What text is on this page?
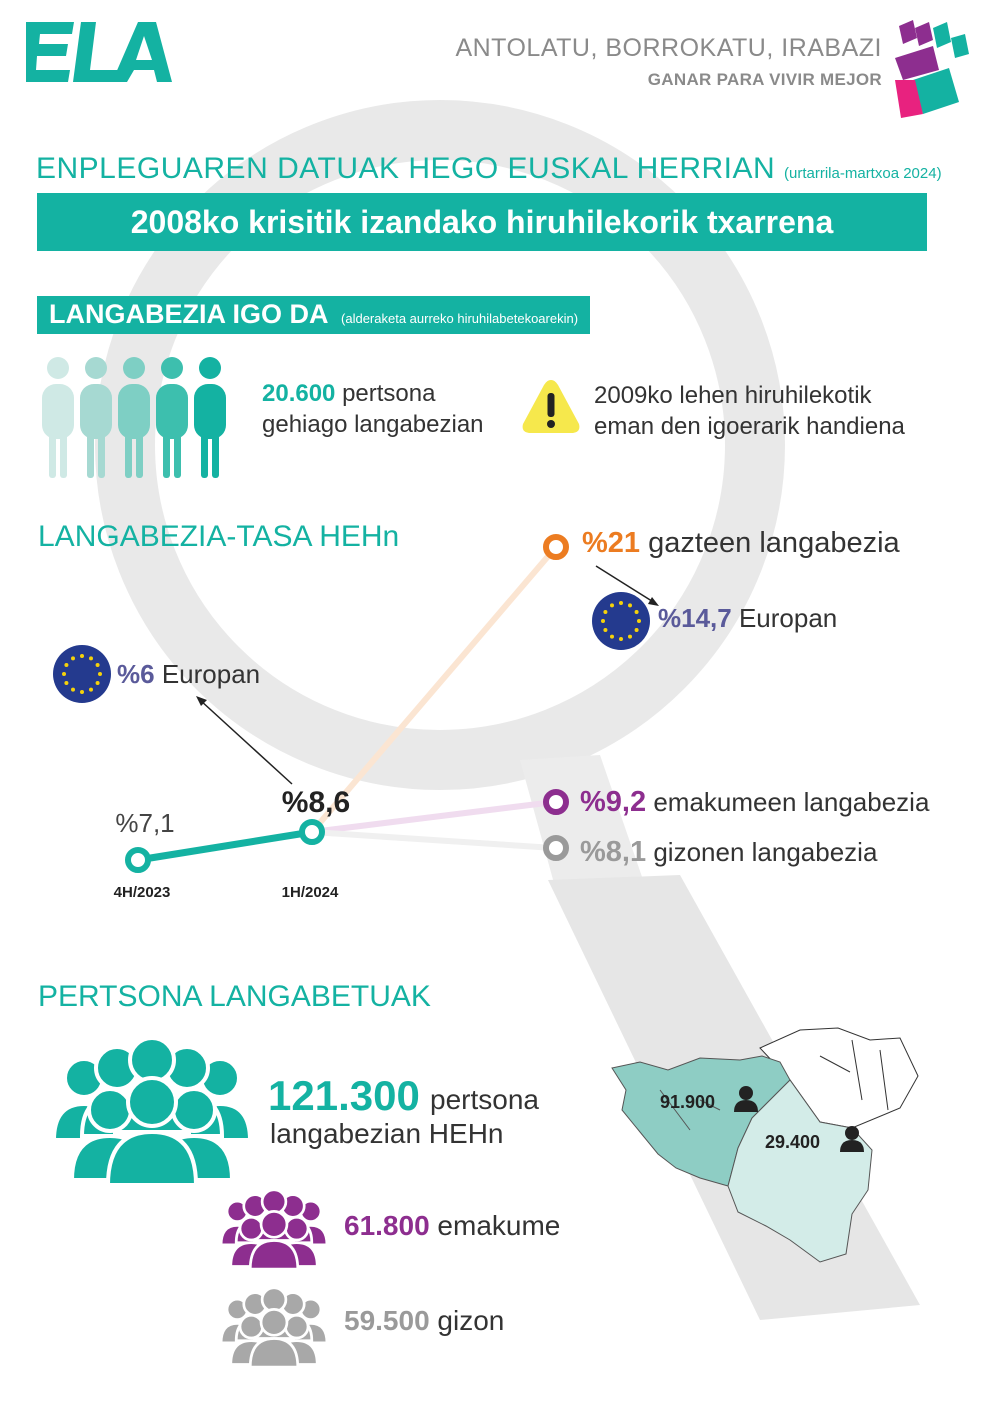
ANTOLATU, BORROKATU, IRABAZI
GANAR PARA VIVIR MEJOR
ENPLEGUAREN DATUAK HEGO EUSKAL HERRIAN (urtarrila-martxoa 2024)
2008ko krisitik izandako hiruhilekorik txarrena
LANGABEZIA IGO DA (alderaketa aurreko hiruhilabetekoarekin)
20.600 pertsona
gehiago langabezian
2009ko lehen hiruhilekotik
eman den igoerarik handiena
LANGABEZIA-TASA HEHn
%7,1
%8,6
4H/2023	1H/2024
%6 Europan
%21 gazteen langabezia
%14,7 Europan
%9,2 emakumeen langabezia
%8,1 gizonen langabezia
PERTSONA LANGABETUAK
121.300 pertsona
langabezian HEHn
61.800 emakume
59.500 gizon
91.900
29.400
